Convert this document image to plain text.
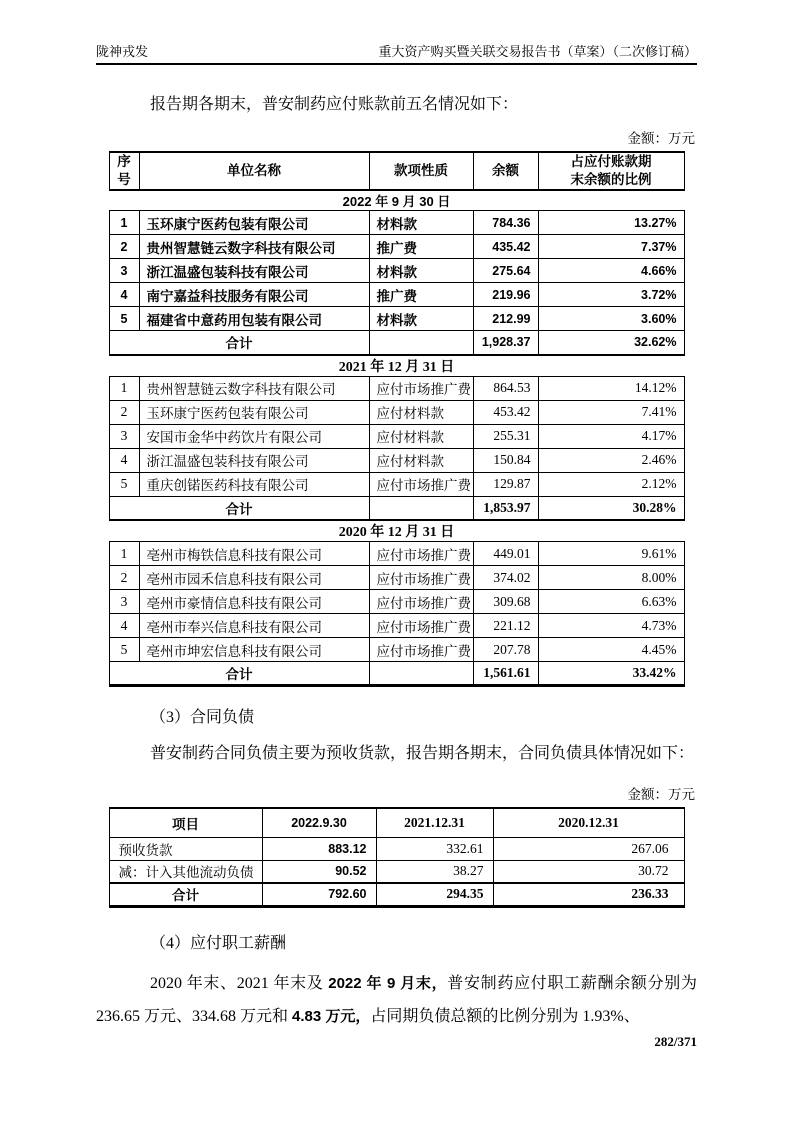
陇神戎发	重大资产购买暨关联交易报告书（草案）（二次修订稿）

报告期各期末，普安制药应付账款前五名情况如下：

金额：万元
序号	单位名称	款项性质	余额	占应付账款期末余额的比例
2022 年 9 月 30 日				
1	玉环康宁医药包装有限公司	材料款	784.36	13.27%
2	贵州智慧链云数字科技有限公司	推广费	435.42	7.37%
3	浙江温盛包装科技有限公司	材料款	275.64	4.66%
4	南宁嘉益科技服务有限公司	推广费	219.96	3.72%
5	福建省中意药用包装有限公司	材料款	212.99	3.60%
合计			1,928.37	32.62%
2021 年 12 月 31 日				
1	贵州智慧链云数字科技有限公司	应付市场推广费	864.53	14.12%
2	玉环康宁医药包装有限公司	应付材料款	453.42	7.41%
3	安国市金华中药饮片有限公司	应付材料款	255.31	4.17%
4	浙江温盛包装科技有限公司	应付材料款	150.84	2.46%
5	重庆创锘医药科技有限公司	应付市场推广费	129.87	2.12%
合计			1,853.97	30.28%
2020 年 12 月 31 日				
1	亳州市梅铁信息科技有限公司	应付市场推广费	449.01	9.61%
2	亳州市园禾信息科技有限公司	应付市场推广费	374.02	8.00%
3	亳州市豪情信息科技有限公司	应付市场推广费	309.68	6.63%
4	亳州市奉兴信息科技有限公司	应付市场推广费	221.12	4.73%
5	亳州市坤宏信息科技有限公司	应付市场推广费	207.78	4.45%
合计			1,561.61	33.42%
（3）合同负债

普安制药合同负债主要为预收货款，报告期各期末，合同负债具体情况如下：

金额：万元
项目	2022.9.30	2021.12.31	2020.12.31
预收货款	883.12	332.61	267.06
减：计入其他流动负债	90.52	38.27	30.72
合计	792.60	294.35	236.33
（4）应付职工薪酬

2020 年末、2021 年末及 2022 年 9 月末，普安制药应付职工薪酬余额分别为 236.65 万元、334.68 万元和 4.83 万元，占同期负债总额的比例分别为 1.93%、

282/371
